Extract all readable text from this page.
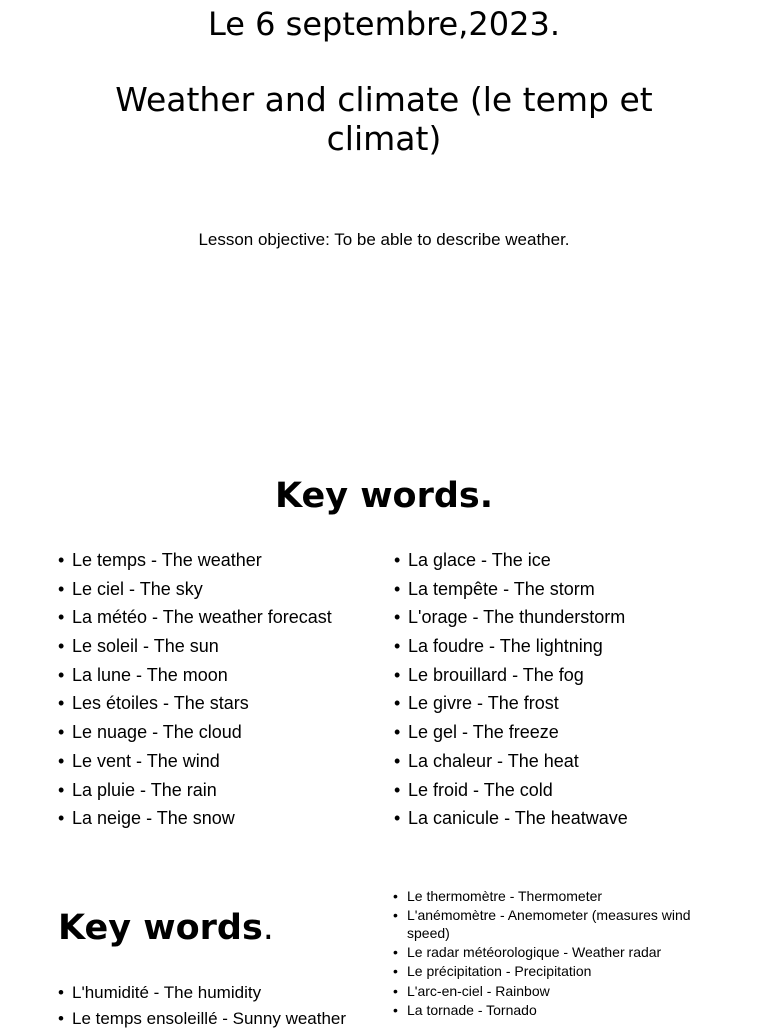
Le 6 septembre,2023.
Weather and climate (le temp et climat)
Lesson objective: To be able to describe weather.
Key words.
• Le temps - The weather
• Le ciel - The sky
• La météo - The weather forecast
• Le soleil - The sun
• La lune - The moon
• Les étoiles - The stars
• Le nuage - The cloud
• Le vent - The wind
• La pluie - The rain
• La neige - The snow
• La glace - The ice
• La tempête - The storm
• L'orage - The thunderstorm
• La foudre - The lightning
• Le brouillard - The fog
• Le givre - The frost
• Le gel - The freeze
• La chaleur - The heat
• Le froid - The cold
• La canicule - The heatwave
Key words.
• L'humidité - The humidity
• Le temps ensoleillé - Sunny weather
• Le thermomètre - Thermometer
• L'anémomètre - Anemometer (measures wind speed)
• Le radar météorologique - Weather radar
• Le précipitation - Precipitation
• L'arc-en-ciel - Rainbow
• La tornade - Tornado
